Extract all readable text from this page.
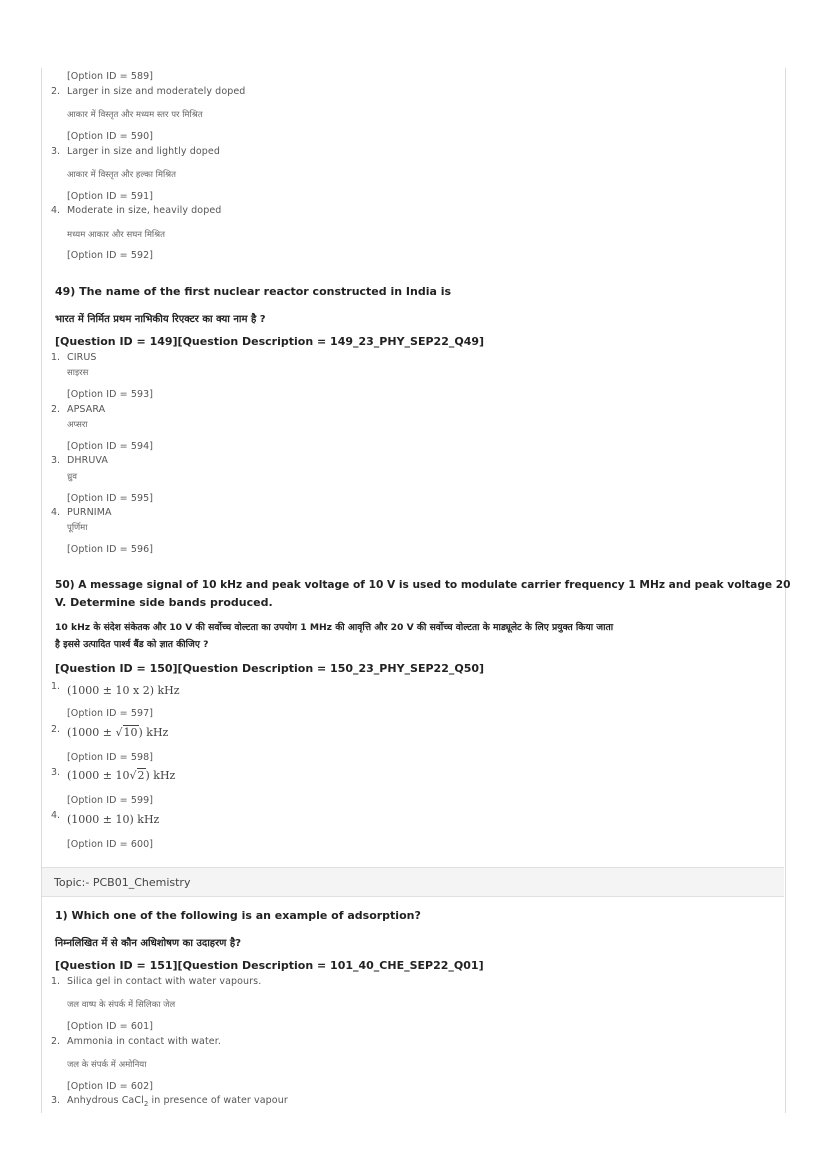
[Option ID = 589]
2. Larger in size and moderately doped
आकार में विस्तृत और मध्यम स्तर पर मिश्रित
[Option ID = 590]
3. Larger in size and lightly doped
आकार में विस्तृत और हल्का मिश्रित
[Option ID = 591]
4. Moderate in size, heavily doped
मध्यम आकार और सघन मिश्रित
[Option ID = 592]
49) The name of the first nuclear reactor constructed in India is
भारत में निर्मित प्रथम नाभिकीय रिएक्टर का क्या नाम है ?
[Question ID = 149][Question Description = 149_23_PHY_SEP22_Q49]
1. CIRUS
साइरस
[Option ID = 593]
2. APSARA
अप्सरा
[Option ID = 594]
3. DHRUVA
ध्रुव
[Option ID = 595]
4. PURNIMA
पूर्णिमा
[Option ID = 596]
50) A message signal of 10 kHz and peak voltage of 10 V is used to modulate carrier frequency 1 MHz and peak voltage 20
V. Determine side bands produced.
10 kHz के संदेश संकेतक और 10 V की सर्वोच्च वोल्टता का उपयोग 1 MHz की आवृत्ति और 20 V की सर्वोच्च वोल्टता के माड्यूलेट के लिए प्रयुक्त किया जाता
है इससे उत्पादित पार्श्व बैंड को ज्ञात कीजिए ?
[Question ID = 150][Question Description = 150_23_PHY_SEP22_Q50]
1. (1000 ± 10 x 2) kHz
[Option ID = 597]
2. (1000 ± √10) kHz
[Option ID = 598]
3. (1000 ± 10√2) kHz
[Option ID = 599]
4. (1000 ± 10) kHz
[Option ID = 600]
Topic:- PCB01_Chemistry
1) Which one of the following is an example of adsorption?
निम्नलिखित में से कौन अधिशोषण का उदाहरण है?
[Question ID = 151][Question Description = 101_40_CHE_SEP22_Q01]
1. Silica gel in contact with water vapours.
जल वाष्प के संपर्क में सिलिका जेल
[Option ID = 601]
2. Ammonia in contact with water.
जल के संपर्क में अमोनिया
[Option ID = 602]
3. Anhydrous CaCl$_2$ in presence of water vapour
